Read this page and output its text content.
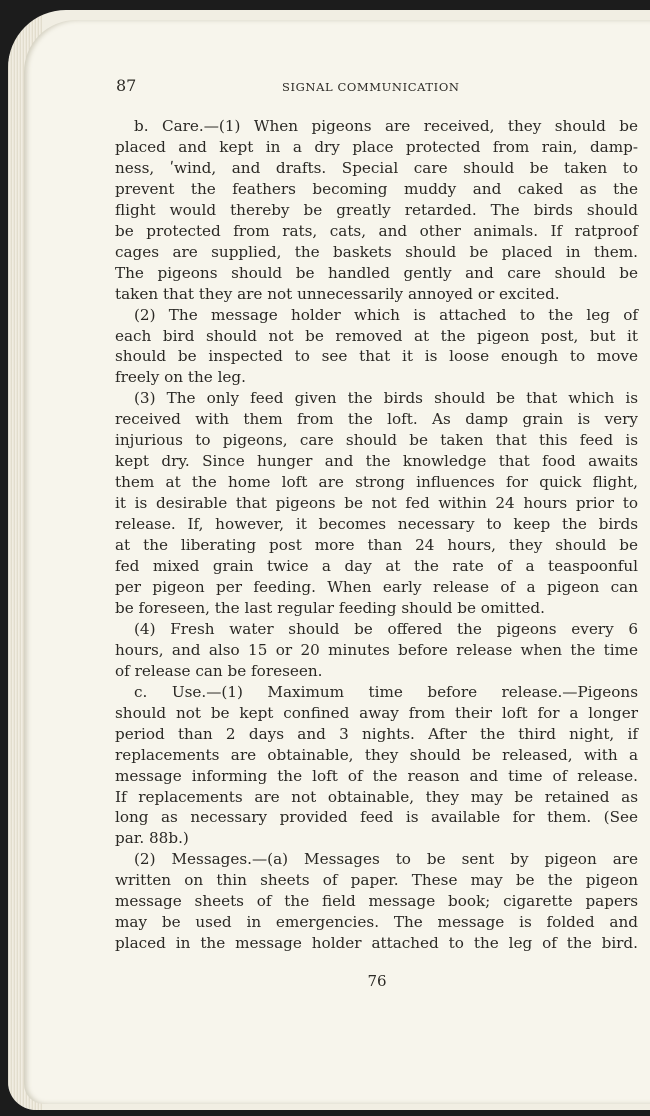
87	SIGNAL COMMUNICATION
b. Care.—(1) When pigeons are received, they should be
placed and kept in a dry place protected from rain, damp-
ness, ʹwind, and drafts. Special care should be taken to
prevent the feathers becoming muddy and caked as the
flight would thereby be greatly retarded. The birds should
be protected from rats, cats, and other animals. If ratproof
cages are supplied, the baskets should be placed in them.
The pigeons should be handled gently and care should be
taken that they are not unnecessarily annoyed or excited.
(2) The message holder which is attached to the leg of
each bird should not be removed at the pigeon post, but it
should be inspected to see that it is loose enough to move
freely on the leg.
(3) The only feed given the birds should be that which is
received with them from the loft. As damp grain is very
injurious to pigeons, care should be taken that this feed is
kept dry. Since hunger and the knowledge that food awaits
them at the home loft are strong influences for quick flight,
it is desirable that pigeons be not fed within 24 hours prior to
release. If, however, it becomes necessary to keep the birds
at the liberating post more than 24 hours, they should be
fed mixed grain twice a day at the rate of a teaspoonful
per pigeon per feeding. When early release of a pigeon can
be foreseen, the last regular feeding should be omitted.
(4) Fresh water should be offered the pigeons every 6
hours, and also 15 or 20 minutes before release when the time
of release can be foreseen.
c. Use.—(1) Maximum time before release.—Pigeons
should not be kept confined away from their loft for a longer
period than 2 days and 3 nights. After the third night, if
replacements are obtainable, they should be released, with a
message informing the loft of the reason and time of release.
If replacements are not obtainable, they may be retained as
long as necessary provided feed is available for them. (See
par. 88b.)
(2) Messages.—(a) Messages to be sent by pigeon are
written on thin sheets of paper. These may be the pigeon
message sheets of the field message book; cigarette papers
may be used in emergencies. The message is folded and
placed in the message holder attached to the leg of the bird.
76
